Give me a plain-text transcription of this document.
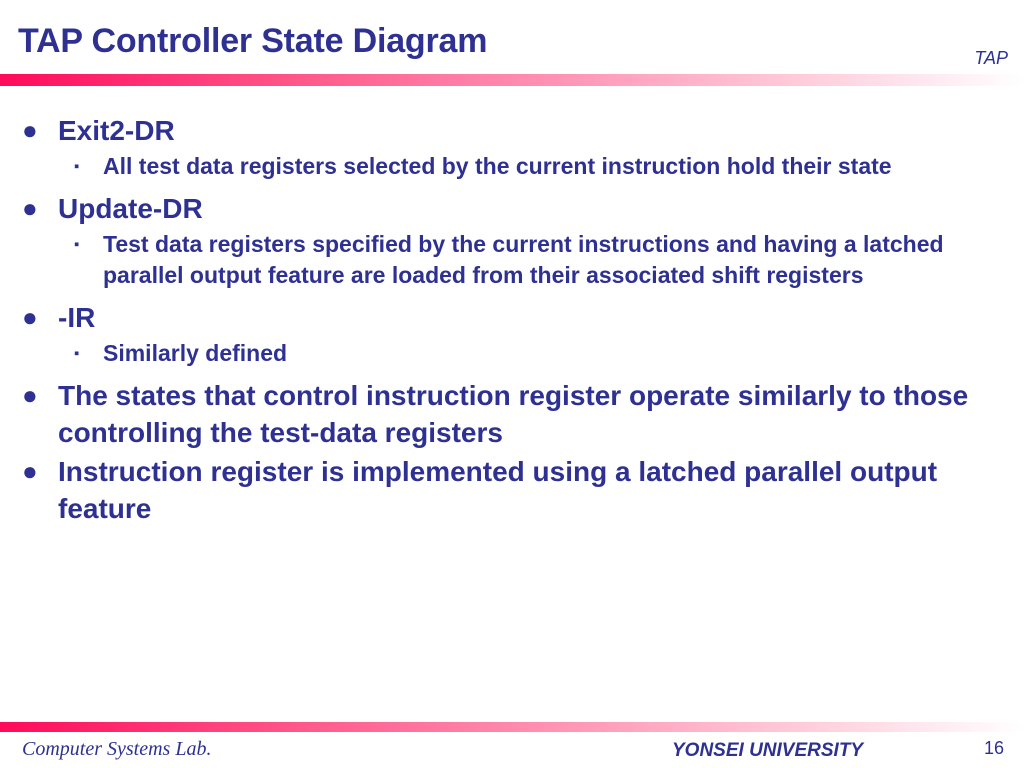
TAP Controller State Diagram	TAP
● Exit2-DR
▪ All test data registers selected by the current instruction hold their state
● Update-DR
▪ Test data registers specified by the current instructions and having a latched parallel output feature are loaded from their associated shift registers
● -IR
▪ Similarly defined
● The states that control instruction register operate similarly to those controlling the test-data registers
● Instruction register is implemented using a latched parallel output feature
Computer Systems Lab.	YONSEI UNIVERSITY	16
